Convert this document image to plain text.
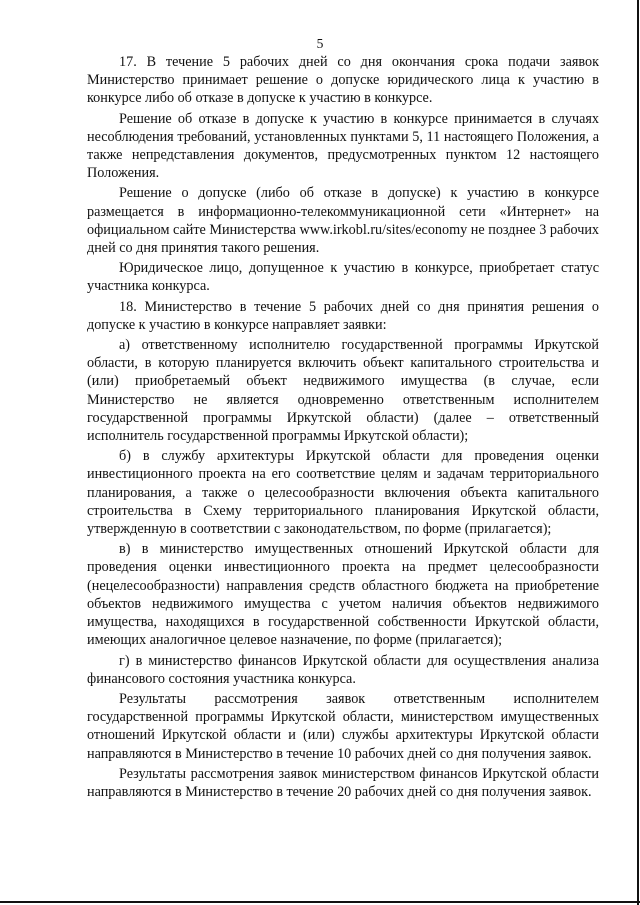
5

17. В течение 5 рабочих дней со дня окончания срока подачи заявок Министерство принимает решение о допуске юридического лица к участию в конкурсе либо об отказе в допуске к участию в конкурсе.

Решение об отказе в допуске к участию в конкурсе принимается в случаях несоблюдения требований, установленных пунктами 5, 11 настоящего Положения, а также непредставления документов, предусмотренных пунктом 12 настоящего Положения.

Решение о допуске (либо об отказе в допуске) к участию в конкурсе размещается в информационно-телекоммуникационной сети «Интернет» на официальном сайте Министерства www.irkobl.ru/sites/economy не позднее 3 рабочих дней со дня принятия такого решения.

Юридическое лицо, допущенное к участию в конкурсе, приобретает статус участника конкурса.

18. Министерство в течение 5 рабочих дней со дня принятия решения о допуске к участию в конкурсе направляет заявки:

а) ответственному исполнителю государственной программы Иркутской области, в которую планируется включить объект капитального строительства и (или) приобретаемый объект недвижимого имущества (в случае, если Министерство не является одновременно ответственным исполнителем государственной программы Иркутской области) (далее – ответственный исполнитель государственной программы Иркутской области);

б) в службу архитектуры Иркутской области для проведения оценки инвестиционного проекта на его соответствие целям и задачам территориального планирования, а также о целесообразности включения объекта капитального строительства в Схему территориального планирования Иркутской области, утвержденную в соответствии с законодательством, по форме (прилагается);

в) в министерство имущественных отношений Иркутской области для проведения оценки инвестиционного проекта на предмет целесообразности (нецелесообразности) направления средств областного бюджета на приобретение объектов недвижимого имущества с учетом наличия объектов недвижимого имущества, находящихся в государственной собственности Иркутской области, имеющих аналогичное целевое назначение, по форме (прилагается);

г) в министерство финансов Иркутской области для осуществления анализа финансового состояния участника конкурса.

Результаты рассмотрения заявок ответственным исполнителем государственной программы Иркутской области, министерством имущественных отношений Иркутской области и (или) службы архитектуры Иркутской области направляются в Министерство в течение 10 рабочих дней со дня получения заявок.

Результаты рассмотрения заявок министерством финансов Иркутской области направляются в Министерство в течение 20 рабочих дней со дня получения заявок.
